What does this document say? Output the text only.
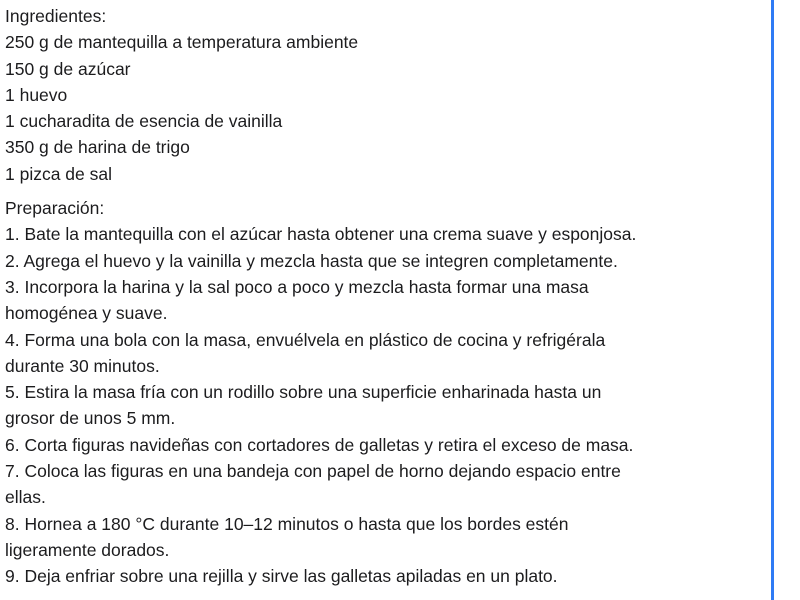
Ingredientes:
250 g de mantequilla a temperatura ambiente
150 g de azúcar
1 huevo
1 cucharadita de esencia de vainilla
350 g de harina de trigo
1 pizca de sal
Preparación:
1. Bate la mantequilla con el azúcar hasta obtener una crema suave y esponjosa.
2. Agrega el huevo y la vainilla y mezcla hasta que se integren completamente.
3. Incorpora la harina y la sal poco a poco y mezcla hasta formar una masa
homogénea y suave.
4. Forma una bola con la masa, envuélvela en plástico de cocina y refrigérala
durante 30 minutos.
5. Estira la masa fría con un rodillo sobre una superficie enharinada hasta un
grosor de unos 5 mm.
6. Corta figuras navideñas con cortadores de galletas y retira el exceso de masa.
7. Coloca las figuras en una bandeja con papel de horno dejando espacio entre
ellas.
8. Hornea a 180 °C durante 10–12 minutos o hasta que los bordes estén
ligeramente dorados.
9. Deja enfriar sobre una rejilla y sirve las galletas apiladas en un plato.
